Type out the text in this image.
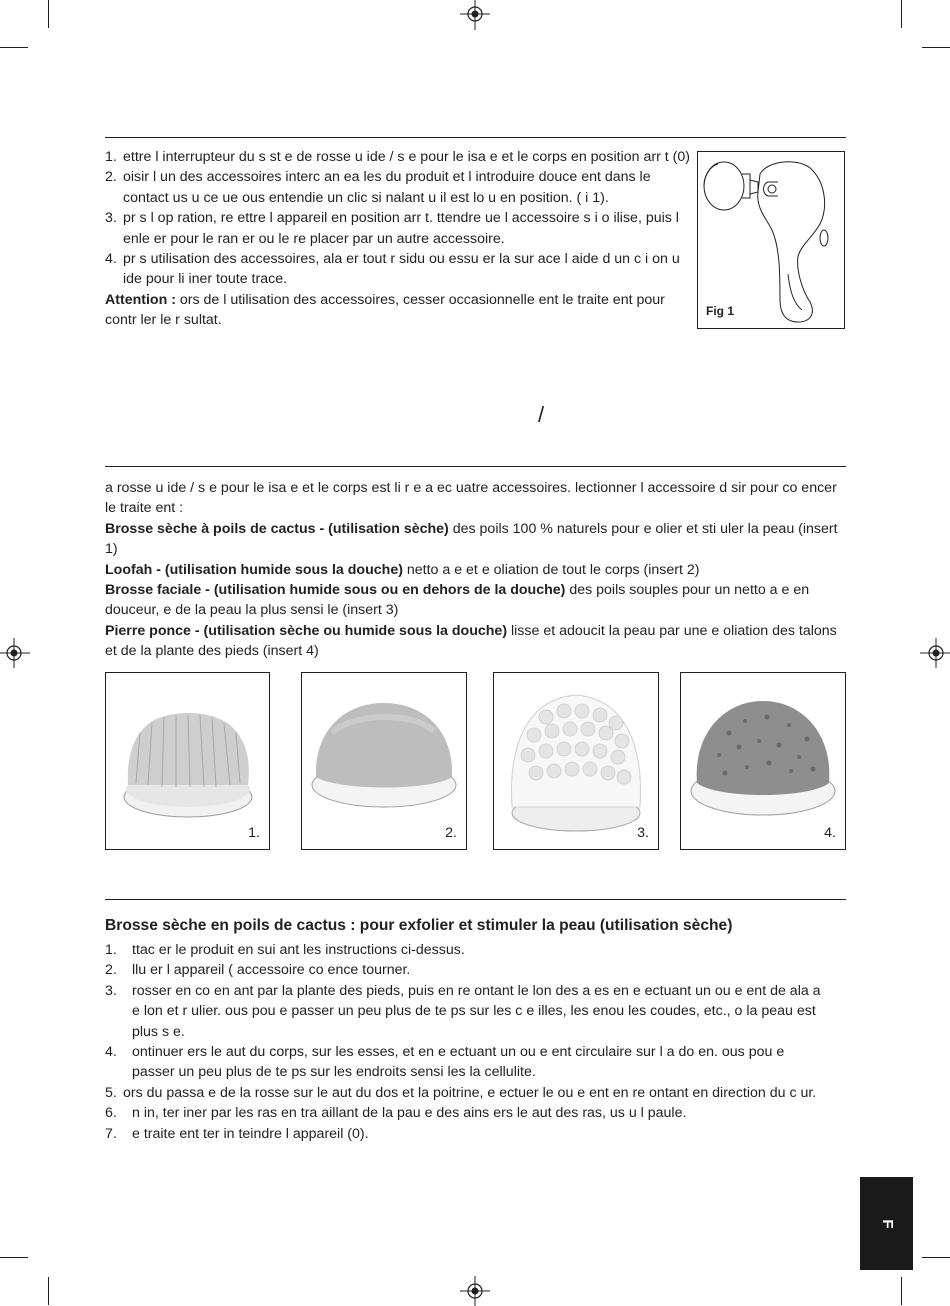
1. ettre l interrupteur du s st e de rosse u ide / s e pour le isa e et le corps en position arr t (0)
2. oisir l un des accessoires interc an ea les du produit et l introduire douce ent dans le contact us u ce ue ous entendie un clic si nalant u il est lo u en position. ( i 1).
3. pr s l op ration, re ettre l appareil en position arr t. ttendre ue l accessoire s i o ilise, puis l enle er pour le ran er ou le re placer par un autre accessoire.
4. pr s utilisation des accessoires, ala er tout r sidu ou essu er la sur ace l aide d un c i on u ide pour li iner toute trace.
Attention : ors de l utilisation des accessoires, cesser occasionnelle ent le traite ent pour contr ler le r sultat.
Fig 1
/
a rosse u ide / s e pour le isa e et le corps est li r e a ec uatre accessoires. lectionner l accessoire d sir pour co encer le traite ent :
Brosse sèche à poils de cactus - (utilisation sèche) des poils 100 % naturels pour e olier et sti uler la peau (insert 1)
Loofah - (utilisation humide sous la douche) netto a e et e oliation de tout le corps (insert 2)
Brosse faciale - (utilisation humide sous ou en dehors de la douche) des poils souples pour un netto a e en douceur, e de la peau la plus sensi le (insert 3)
Pierre ponce - (utilisation sèche ou humide sous la douche) lisse et adoucit la peau par une e oliation des talons et de la plante des pieds (insert 4)
1.	2.	3.	4.
Brosse sèche en poils de cactus : pour exfolier et stimuler la peau (utilisation sèche)
1. ttac er le produit en sui ant les instructions ci-dessus.
2. llu er l appareil ( accessoire co ence tourner.
3. rosser en co en ant par la plante des pieds, puis en re ontant le lon des a es en e ectuant un ou e ent de ala a e lon et r ulier. ous pou e passer un peu plus de te ps sur les c e illes, les enou les coudes, etc., o la peau est plus s e.
4. ontinuer ers le aut du corps, sur les esses, et en e ectuant un ou e ent circulaire sur l a do en. ous pou e passer un peu plus de te ps sur les endroits sensi les la cellulite.
5. ors du passa e de la rosse sur le aut du dos et la poitrine, e ectuer le ou e ent en re ontant en direction du c ur.
6. n in, ter iner par les ras en tra aillant de la pau e des ains ers le aut des ras, us u l paule.
7. e traite ent ter in teindre l appareil (0).
F
